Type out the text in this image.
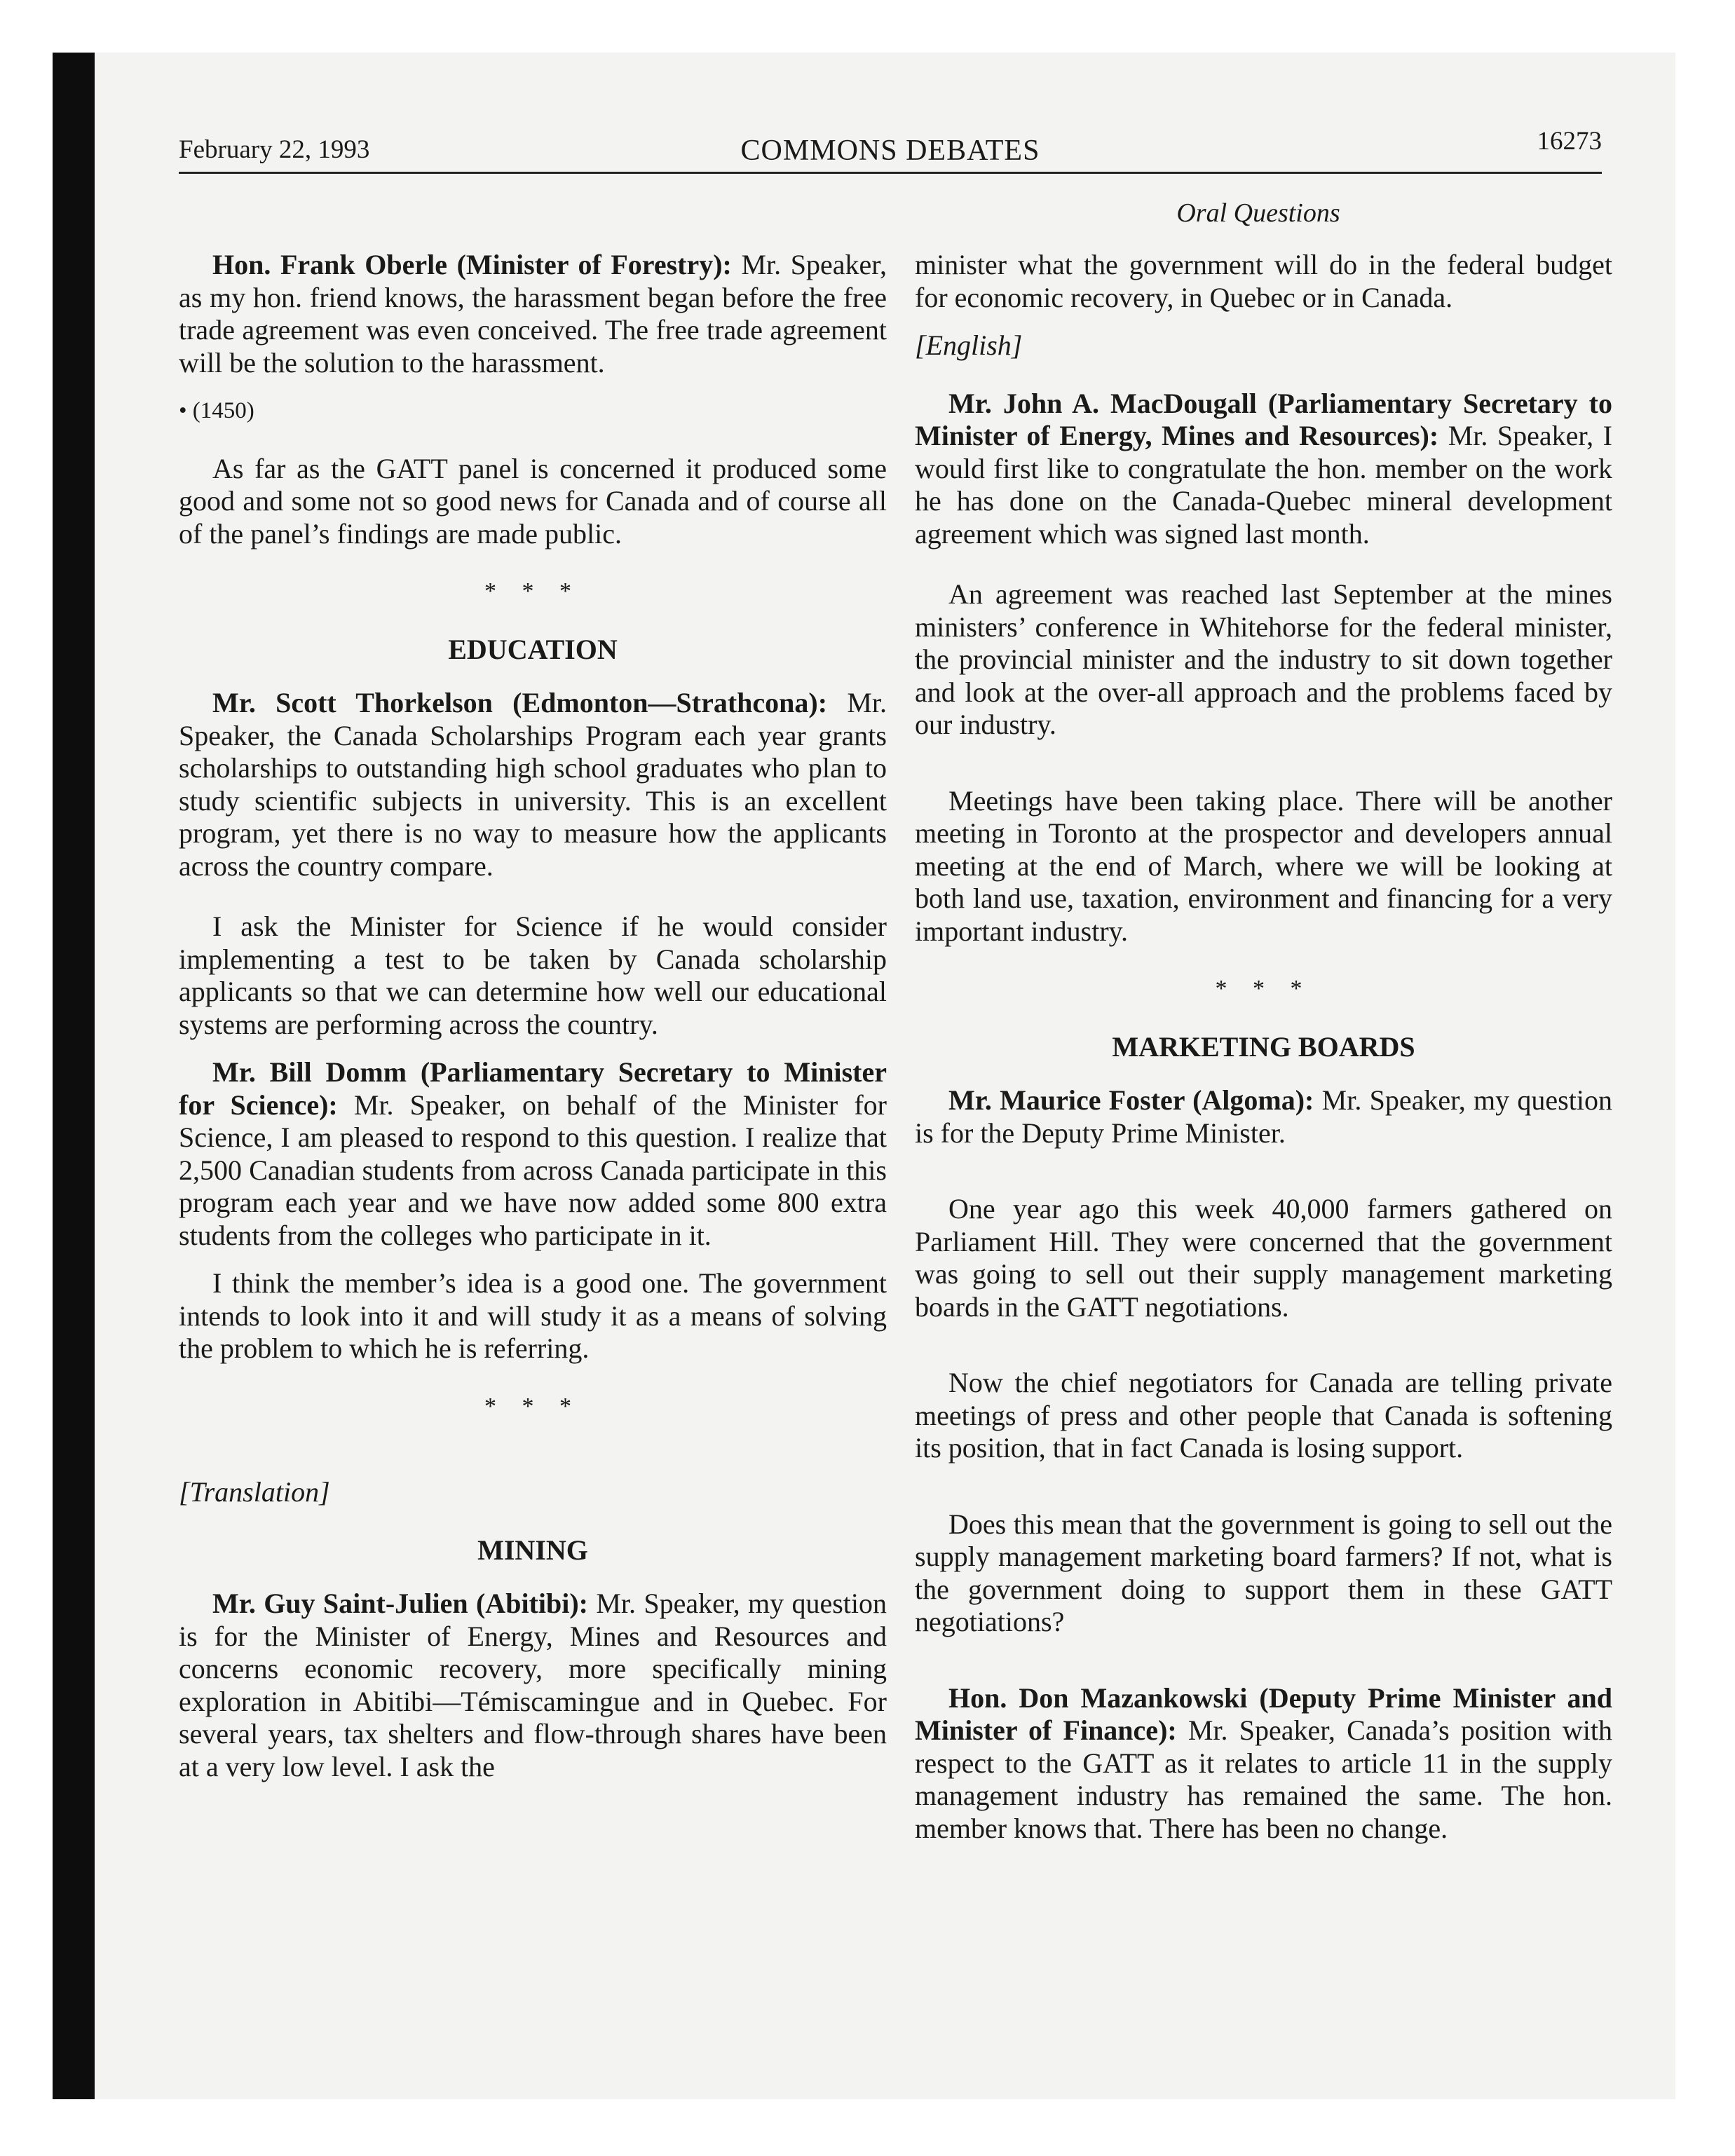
February 22, 1993	COMMONS DEBATES	16273
Oral Questions

Hon. Frank Oberle (Minister of Forestry): Mr. Speaker, as my hon. friend knows, the harassment began before the free trade agreement was even conceived. The free trade agreement will be the solution to the harassment.

• (1450)

As far as the GATT panel is concerned it produced some good and some not so good news for Canada and of course all of the panel’s findings are made public.

* * *
EDUCATION

Mr. Scott Thorkelson (Edmonton—Strathcona): Mr. Speaker, the Canada Scholarships Program each year grants scholarships to outstanding high school graduates who plan to study scientific subjects in university. This is an excellent program, yet there is no way to measure how the applicants across the country compare.

I ask the Minister for Science if he would consider implementing a test to be taken by Canada scholarship applicants so that we can determine how well our educational systems are performing across the country.

Mr. Bill Domm (Parliamentary Secretary to Minister for Science): Mr. Speaker, on behalf of the Minister for Science, I am pleased to respond to this question. I realize that 2,500 Canadian students from across Canada participate in this program each year and we have now added some 800 extra students from the colleges who participate in it.

I think the member’s idea is a good one. The government intends to look into it and will study it as a means of solving the problem to which he is referring.

* * *
[Translation]
MINING

Mr. Guy Saint-Julien (Abitibi): Mr. Speaker, my question is for the Minister of Energy, Mines and Resources and concerns economic recovery, more specifically mining exploration in Abitibi—Témiscamingue and in Quebec. For several years, tax shelters and flow-through shares have been at a very low level. I ask the

minister what the government will do in the federal budget for economic recovery, in Quebec or in Canada.

[English]

Mr. John A. MacDougall (Parliamentary Secretary to Minister of Energy, Mines and Resources): Mr. Speaker, I would first like to congratulate the hon. member on the work he has done on the Canada-Quebec mineral development agreement which was signed last month.

An agreement was reached last September at the mines ministers’ conference in Whitehorse for the federal minister, the provincial minister and the industry to sit down together and look at the over-all approach and the problems faced by our industry.

Meetings have been taking place. There will be another meeting in Toronto at the prospector and developers annual meeting at the end of March, where we will be looking at both land use, taxation, environment and financing for a very important industry.

* * *
MARKETING BOARDS

Mr. Maurice Foster (Algoma): Mr. Speaker, my question is for the Deputy Prime Minister.

One year ago this week 40,000 farmers gathered on Parliament Hill. They were concerned that the government was going to sell out their supply management marketing boards in the GATT negotiations.

Now the chief negotiators for Canada are telling private meetings of press and other people that Canada is softening its position, that in fact Canada is losing support.

Does this mean that the government is going to sell out the supply management marketing board farmers? If not, what is the government doing to support them in these GATT negotiations?

Hon. Don Mazankowski (Deputy Prime Minister and Minister of Finance): Mr. Speaker, Canada’s position with respect to the GATT as it relates to article 11 in the supply management industry has remained the same. The hon. member knows that. There has been no change.
